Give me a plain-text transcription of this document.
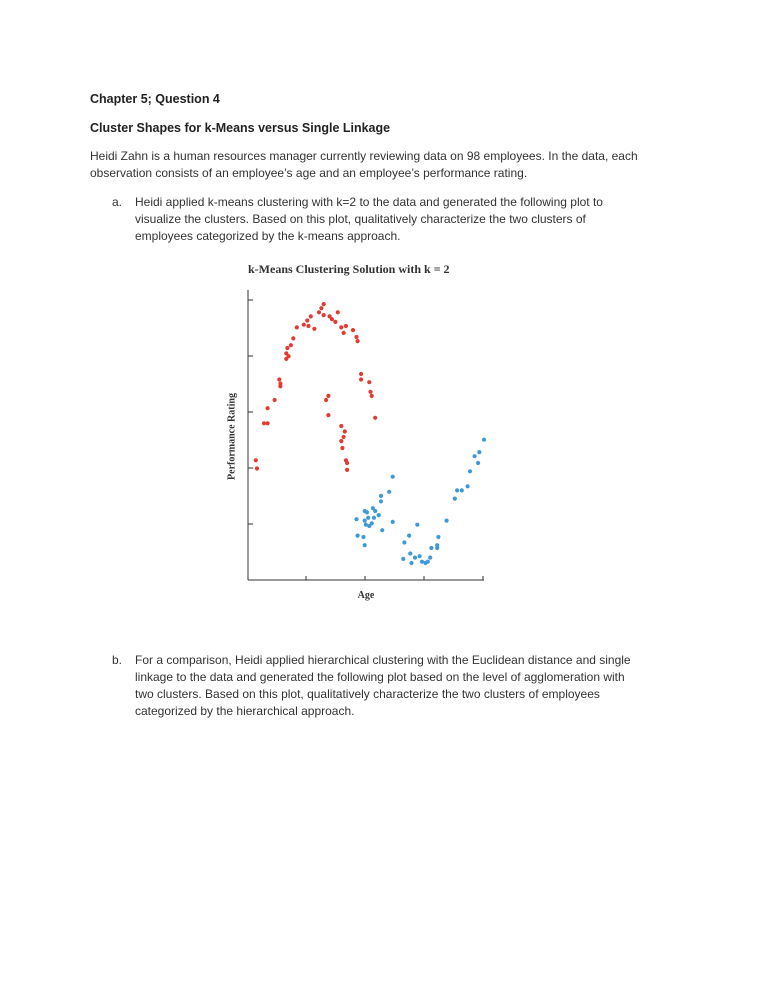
Chapter 5; Question 4
Cluster Shapes for k-Means versus Single Linkage
Heidi Zahn is a human resources manager currently reviewing data on 98 employees. In the data, each
observation consists of an employee’s age and an employee’s performance rating.
a.	Heidi applied k-means clustering with k=2 to the data and generated the following plot to
visualize the clusters. Based on this plot, qualitatively characterize the two clusters of
employees categorized by the k-means approach.
k-Means Clustering Solution with k = 2
Performance Rating
Age
b.	For a comparison, Heidi applied hierarchical clustering with the Euclidean distance and single
linkage to the data and generated the following plot based on the level of agglomeration with
two clusters. Based on this plot, qualitatively characterize the two clusters of employees
categorized by the hierarchical approach.
